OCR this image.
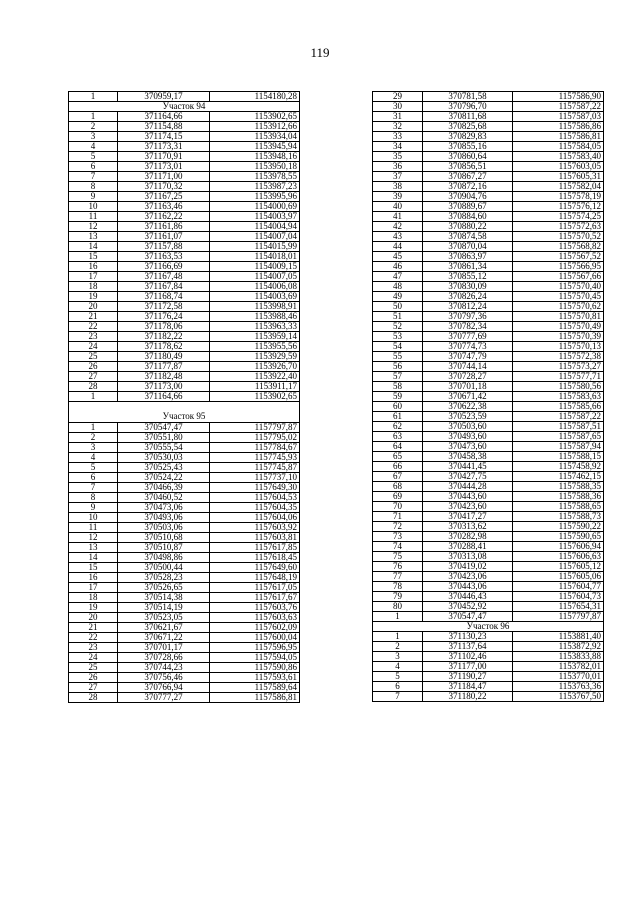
119
1	370959,17	1154180,28
Участок 94		
1	371164,66	1153902,65
2	371154,88	1153912,66
3	371174,15	1153934,04
4	371173,31	1153945,94
5	371170,91	1153948,16
6	371173,01	1153950,18
7	371171,00	1153978,55
8	371170,32	1153987,23
9	371167,25	1153995,96
10	371163,46	1154000,69
11	371162,22	1154003,97
12	371161,86	1154004,94
13	371161,07	1154007,04
14	371157,88	1154015,99
15	371163,53	1154018,01
16	371166,69	1154009,15
17	371167,48	1154007,05
18	371167,84	1154006,08
19	371168,74	1154003,69
20	371172,58	1153998,91
21	371176,24	1153988,46
22	371178,06	1153963,33
23	371182,22	1153959,14
24	371178,62	1153955,56
25	371180,49	1153929,59
26	371177,87	1153926,70
27	371182,48	1153922,40
28	371173,00	1153911,17
1	371164,66	1153902,65
Участок 95		
1	370547,47	1157797,87
2	370551,80	1157795,02
3	370555,54	1157784,67
4	370530,03	1157745,93
5	370525,43	1157745,87
6	370524,22	1157737,10
7	370466,39	1157649,30
8	370460,52	1157604,53
9	370473,06	1157604,35
10	370493,06	1157604,06
11	370503,06	1157603,92
12	370510,68	1157603,81
13	370510,87	1157617,85
14	370498,86	1157618,45
15	370500,44	1157649,60
16	370528,23	1157648,19
17	370526,65	1157617,05
18	370514,38	1157617,67
19	370514,19	1157603,76
20	370523,05	1157603,63
21	370621,67	1157602,09
22	370671,22	1157600,04
23	370701,17	1157596,95
24	370728,66	1157594,05
25	370744,23	1157590,86
26	370756,46	1157593,61
27	370766,94	1157589,64
28	370777,27	1157586,81
29	370781,58	1157586,90
30	370796,70	1157587,22
31	370811,68	1157587,03
32	370825,68	1157586,86
33	370829,83	1157586,81
34	370855,16	1157584,05
35	370860,64	1157583,40
36	370856,51	1157603,05
37	370867,27	1157605,31
38	370872,16	1157582,04
39	370904,76	1157578,19
40	370889,67	1157576,12
41	370884,60	1157574,25
42	370880,22	1157572,63
43	370874,58	1157570,52
44	370870,04	1157568,82
45	370863,97	1157567,52
46	370861,34	1157566,95
47	370855,12	1157567,66
48	370830,09	1157570,40
49	370826,24	1157570,45
50	370812,24	1157570,62
51	370797,36	1157570,81
52	370782,34	1157570,49
53	370777,69	1157570,39
54	370774,73	1157570,13
55	370747,79	1157572,38
56	370744,14	1157573,27
57	370728,27	1157577,71
58	370701,18	1157580,56
59	370671,42	1157583,63
60	370622,38	1157585,66
61	370523,59	1157587,22
62	370503,60	1157587,51
63	370493,60	1157587,65
64	370473,60	1157587,94
65	370458,38	1157588,15
66	370441,45	1157458,92
67	370427,75	1157462,15
68	370444,28	1157588,35
69	370443,60	1157588,36
70	370423,60	1157588,65
71	370417,27	1157588,73
72	370313,62	1157590,22
73	370282,98	1157590,65
74	370288,41	1157606,94
75	370313,08	1157606,63
76	370419,02	1157605,12
77	370423,06	1157605,06
78	370443,06	1157604,77
79	370446,43	1157604,73
80	370452,92	1157654,31
1	370547,47	1157797,87
Участок 96		
1	371130,23	1153881,40
2	371137,64	1153872,92
3	371102,46	1153833,88
4	371177,00	1153782,01
5	371190,27	1153770,01
6	371184,47	1153763,36
7	371180,22	1153767,50
